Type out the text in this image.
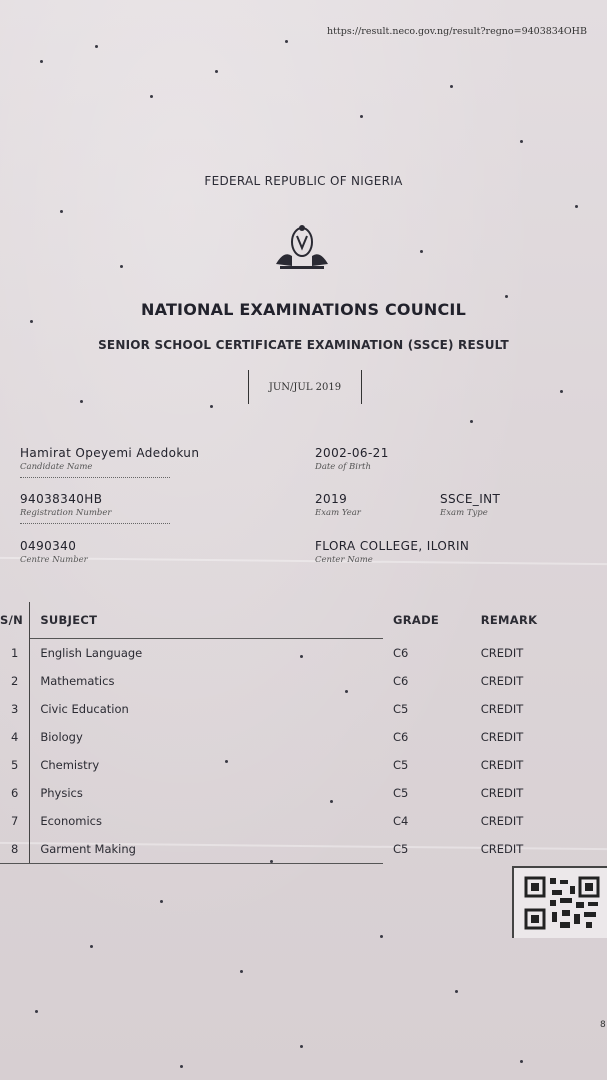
https://result.neco.gov.ng/result?regno=9403834OHB
FEDERAL REPUBLIC OF NIGERIA
NATIONAL EXAMINATIONS COUNCIL
SENIOR SCHOOL CERTIFICATE EXAMINATION (SSCE) RESULT
JUN/JUL 2019
Hamirat Opeyemi Adedokun
Candidate Name
2002-06-21
Date of Birth
94038340HB
Registration Number
2019
Exam Year
SSCE_INT
Exam Type
0490340
Centre Number
FLORA COLLEGE, ILORIN
Center Name
S/N	SUBJECT	GRADE	REMARK
1	English Language	C6	CREDIT
2	Mathematics	C6	CREDIT
3	Civic Education	C5	CREDIT
4	Biology	C6	CREDIT
5	Chemistry	C5	CREDIT
6	Physics	C5	CREDIT
7	Economics	C4	CREDIT
8	Garment Making	C5	CREDIT
8
